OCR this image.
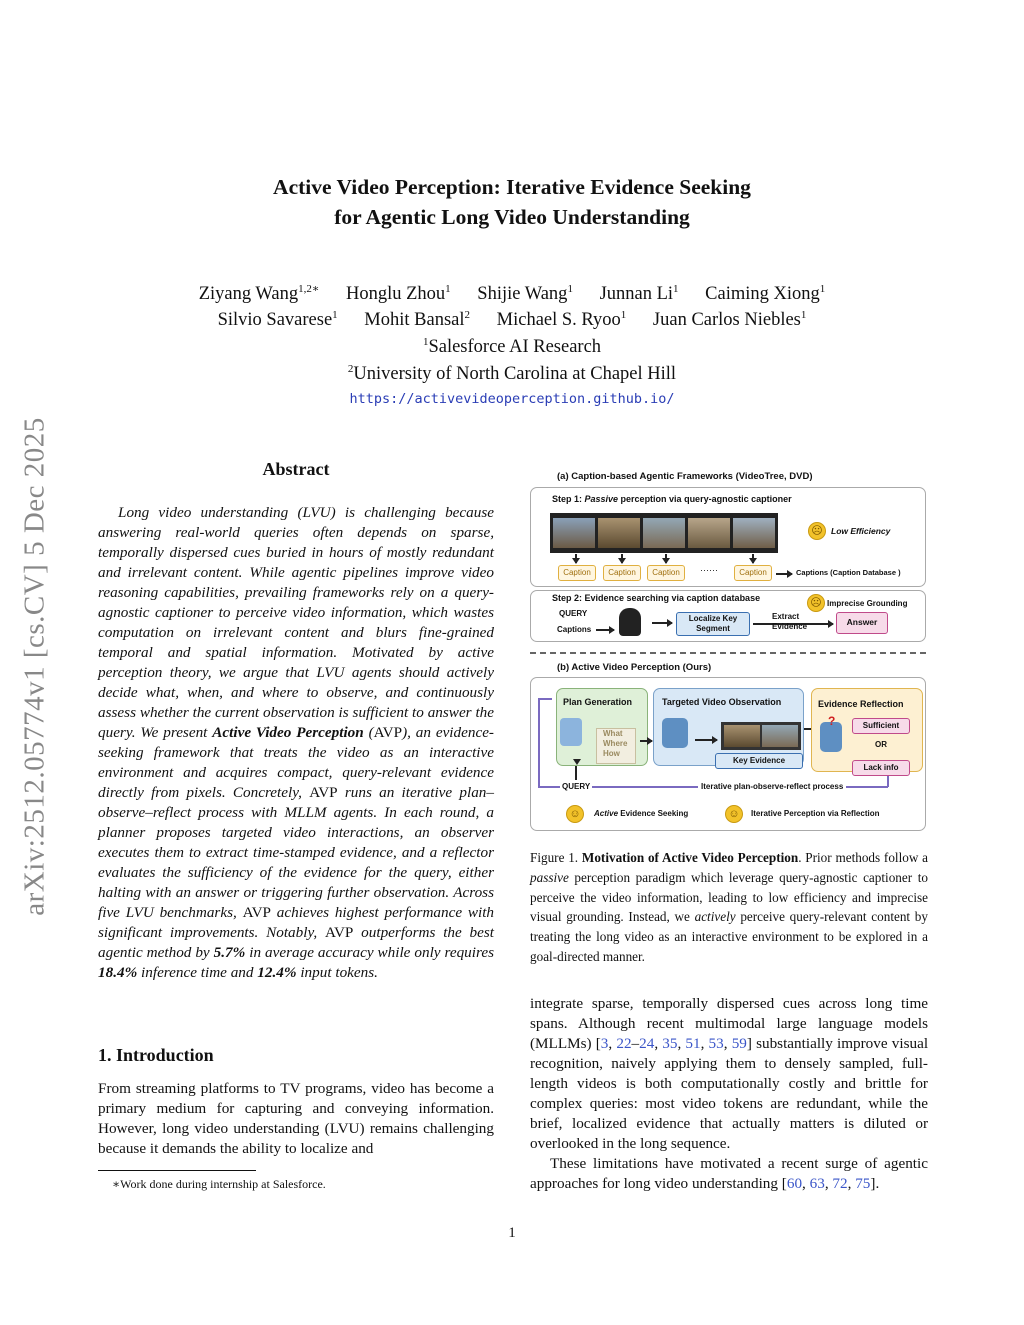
arXiv:2512.05774v1 [cs.CV] 5 Dec 2025
Active Video Perception: Iterative Evidence Seeking
for Agentic Long Video Understanding
Ziyang Wang$^{1,2∗}$ Honglu Zhou$^1$ Shijie Wang$^1$ Junnan Li$^1$ Caiming Xiong$^1$
Silvio Savarese$^1$ Mohit Bansal$^2$ Michael S. Ryoo$^1$ Juan Carlos Niebles$^1$
$^1$Salesforce AI Research
$^2$University of North Carolina at Chapel Hill
https://activevideoperception.github.io/
Abstract

Long video understanding (LVU) is challenging because answering real-world queries often depends on sparse, temporally dispersed cues buried in hours of mostly redundant and irrelevant content. While agentic pipelines improve video reasoning capabilities, prevailing frameworks rely on a query-agnostic captioner to perceive video information, which wastes computation on irrelevant content and blurs fine-grained temporal and spatial information. Motivated by active perception theory, we argue that LVU agents should actively decide what, when, and where to observe, and continuously assess whether the current observation is sufficient to answer the query. We present Active Video Perception (AVP), an evidence-seeking framework that treats the video as an interactive environment and acquires compact, query-relevant evidence directly from pixels. Concretely, AVP runs an iterative plan–observe–reflect process with MLLM agents. In each round, a planner proposes targeted video interactions, an observer executes them to extract time-stamped evidence, and a reflector evaluates the sufficiency of the evidence for the query, either halting with an answer or triggering further observation. Across five LVU benchmarks, AVP achieves highest performance with significant improvements. Notably, AVP outperforms the best agentic method by 5.7% in average accuracy while only requires 18.4% inference time and 12.4% input tokens.

1. Introduction

From streaming platforms to TV programs, video has become a primary medium for capturing and conveying information. However, long video understanding (LVU) remains challenging because it demands the ability to localize and

∗Work done during internship at Salesforce.
(a) Caption-based Agentic Frameworks (VideoTree, DVD)
Step 1: Passive perception via query-agnostic captioner
☹ Low Efficiency
Caption	Caption	Caption	······	Caption	Captions (Caption Database )
Step 2: Evidence searching via caption database	☹ Imprecise Grounding
QUERY
Captions
Localize Key Segment
Extract Evidence	Answer
(b) Active Video Perception (Ours)
Plan Generation
What
Where
How
Targeted Video Observation
Key Evidence
Evidence Reflection
?	Sufficient
OR
Lack info
QUERY	Iterative plan-observe-reflect process
☺	Active Evidence Seeking	☺	Iterative Perception via Reflection

Figure 1. Motivation of Active Video Perception. Prior methods follow a passive perception paradigm which leverage query-agnostic captioner to perceive the video information, leading to low efficiency and imprecise visual grounding. Instead, we actively perceive query-relevant content by treating the long video as an interactive environment to be explored in a goal-directed manner.

integrate sparse, temporally dispersed cues across long time spans. Although recent multimodal large language models (MLLMs) [3, 22–24, 35, 51, 53, 59] substantially improve visual recognition, naively applying them to densely sampled, full-length videos is both computationally costly and brittle for complex queries: most video tokens are redundant, while the brief, localized evidence that actually matters is diluted or overlooked in the long sequence.

These limitations have motivated a recent surge of agentic approaches for long video understanding [60, 63, 72, 75].

1
